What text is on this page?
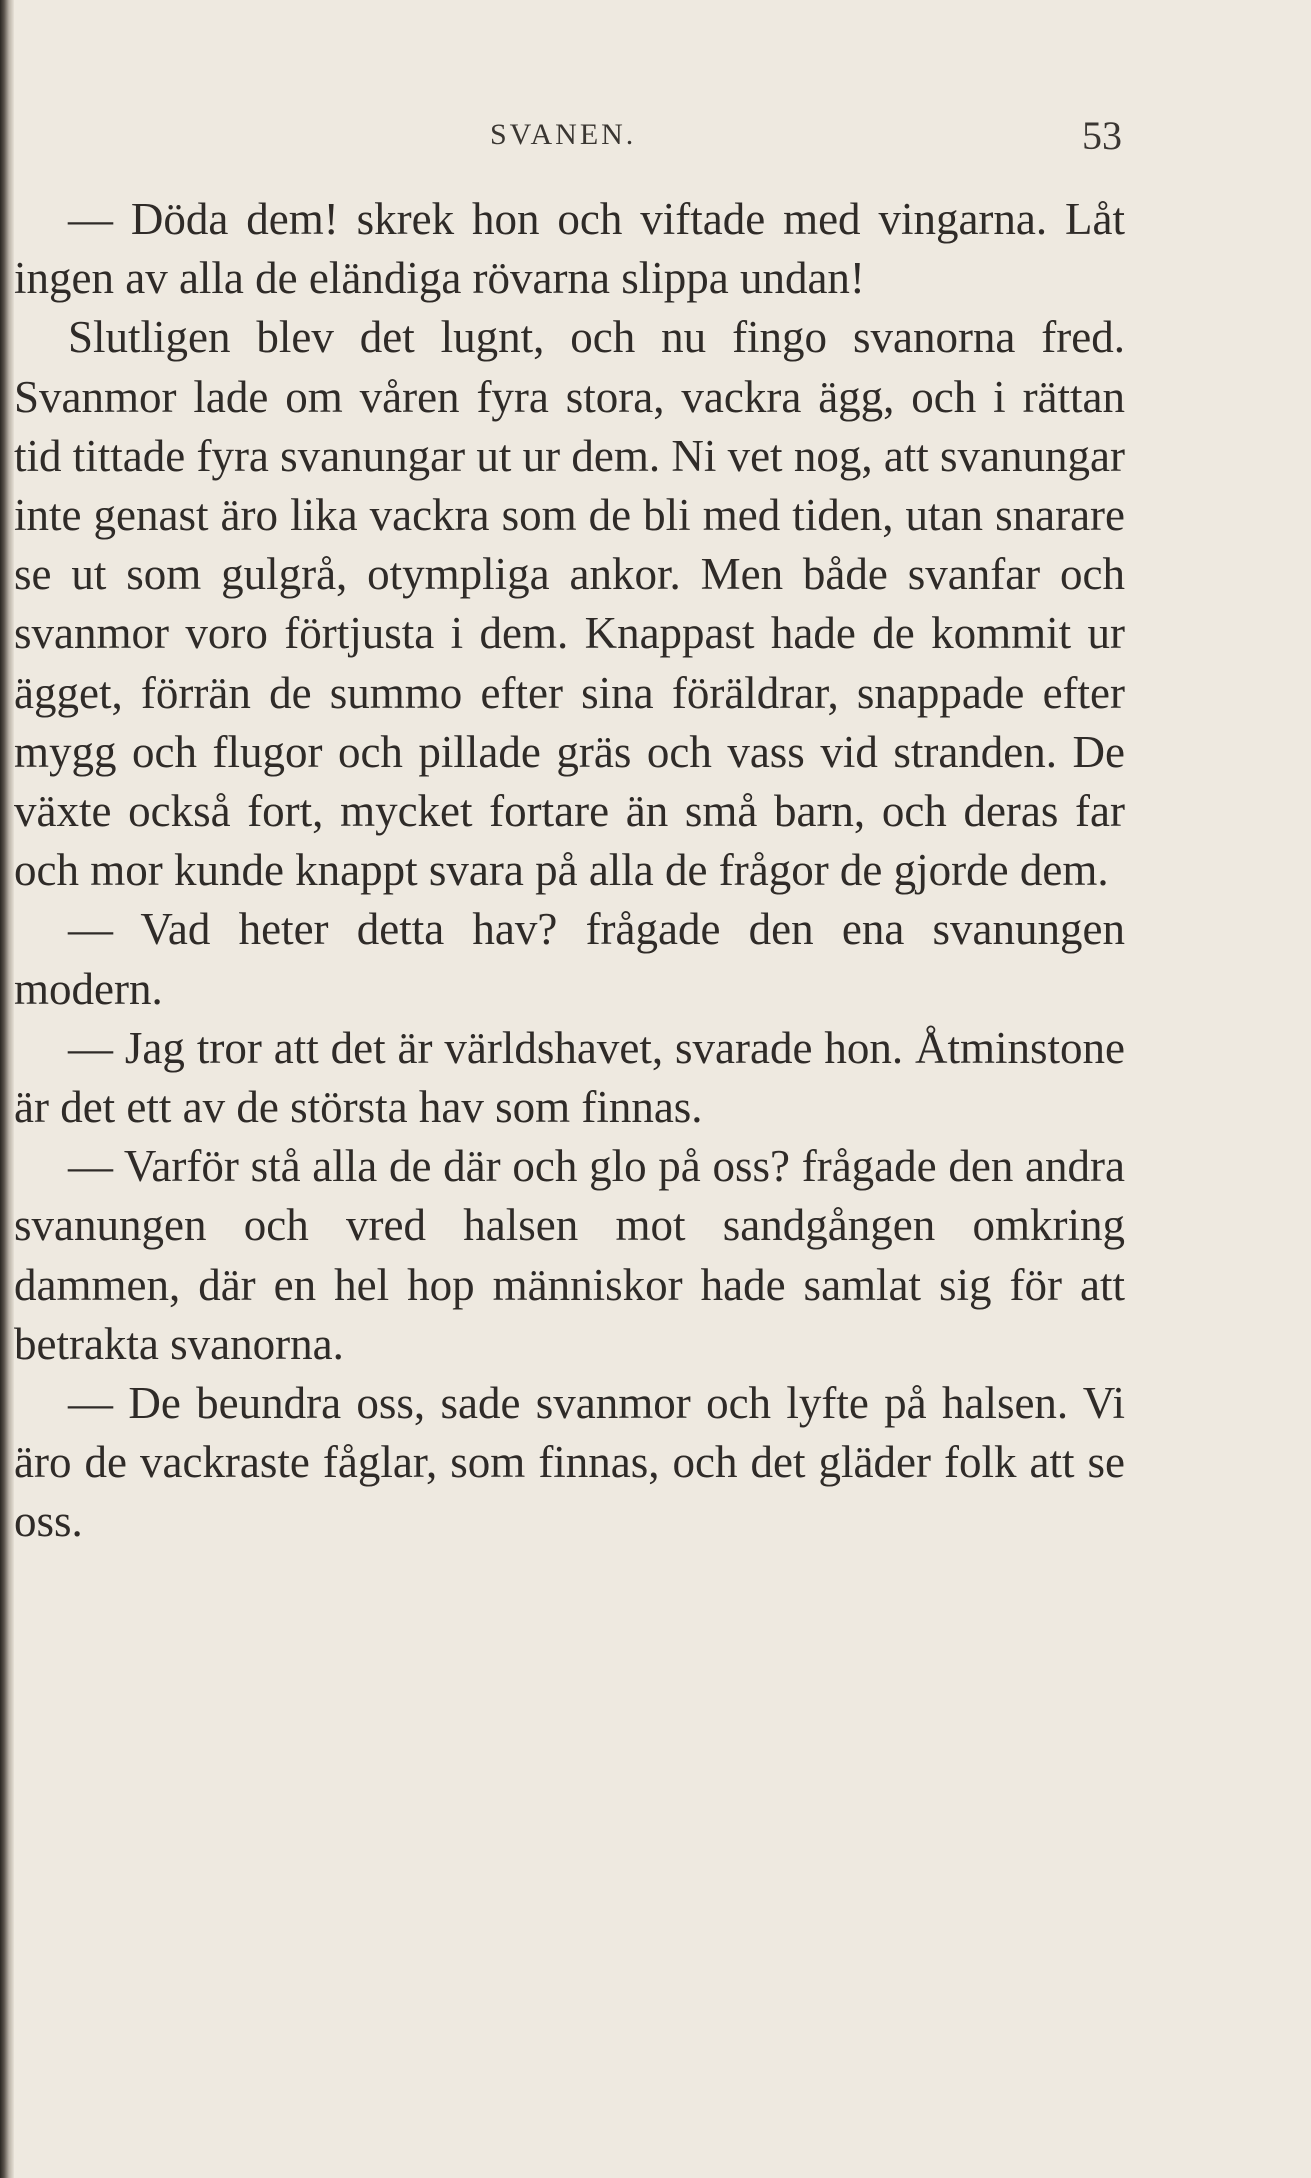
SVANEN.	53

— Döda dem! skrek hon och viftade med vingarna. Låt ingen av alla de eländiga rövarna slippa undan!

Slutligen blev det lugnt, och nu fingo svanorna fred. Svanmor lade om våren fyra stora, vackra ägg, och i rättan tid tittade fyra svanungar ut ur dem. Ni vet nog, att svanungar inte genast äro lika vackra som de bli med tiden, utan snarare se ut som gulgrå, otympliga ankor. Men både svanfar och svanmor voro förtjusta i dem. Knappast hade de kommit ur ägget, förrän de summo efter sina föräldrar, snappade efter mygg och flugor och pillade gräs och vass vid stranden. De växte också fort, mycket fortare än små barn, och deras far och mor kunde knappt svara på alla de frågor de gjorde dem.

— Vad heter detta hav? frågade den ena svanungen modern.

— Jag tror att det är världshavet, svarade hon. Åtminstone är det ett av de största hav som finnas.

— Varför stå alla de där och glo på oss? frågade den andra svanungen och vred halsen mot sandgången omkring dammen, där en hel hop människor hade samlat sig för att betrakta svanorna.

— De beundra oss, sade svanmor och lyfte på halsen. Vi äro de vackraste fåglar, som finnas, och det gläder folk att se oss.
